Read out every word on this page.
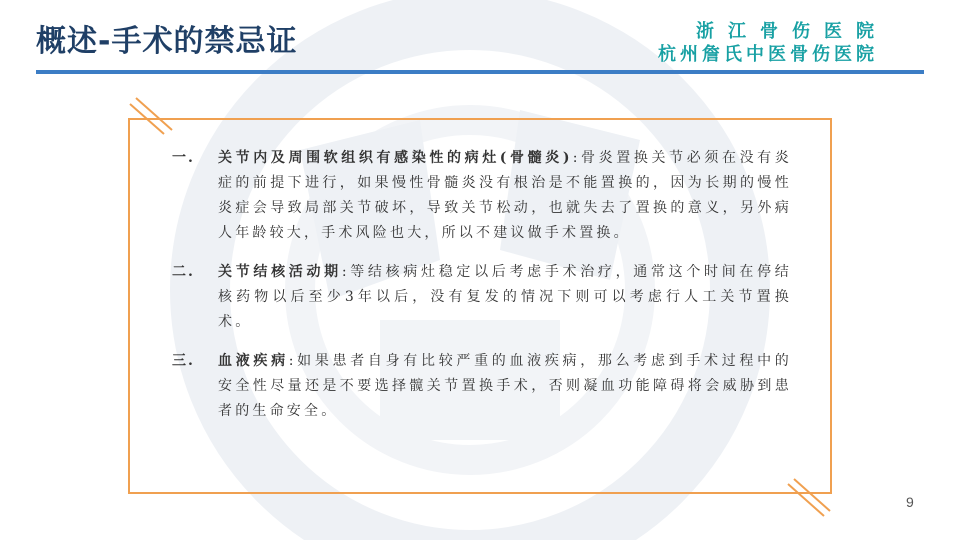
概述-手术的禁忌证	浙江骨伤医院
杭州詹氏中医骨伤医院
一.	关节内及周围软组织有感染性的病灶(骨髓炎):骨炎置换关节必须在没有炎症的前提下进行，如果慢性骨髓炎没有根治是不能置换的，因为长期的慢性炎症会导致局部关节破坏，导致关节松动，也就失去了置换的意义，另外病人年龄较大，手术风险也大，所以不建议做手术置换。
二.	关节结核活动期:等结核病灶稳定以后考虑手术治疗，通常这个时间在停结核药物以后至少3年以后，没有复发的情况下则可以考虑行人工关节置换术。
三.	血液疾病:如果患者自身有比较严重的血液疾病，那么考虑到手术过程中的安全性尽量还是不要选择髋关节置换手术，否则凝血功能障碍将会威胁到患者的生命安全。
9
